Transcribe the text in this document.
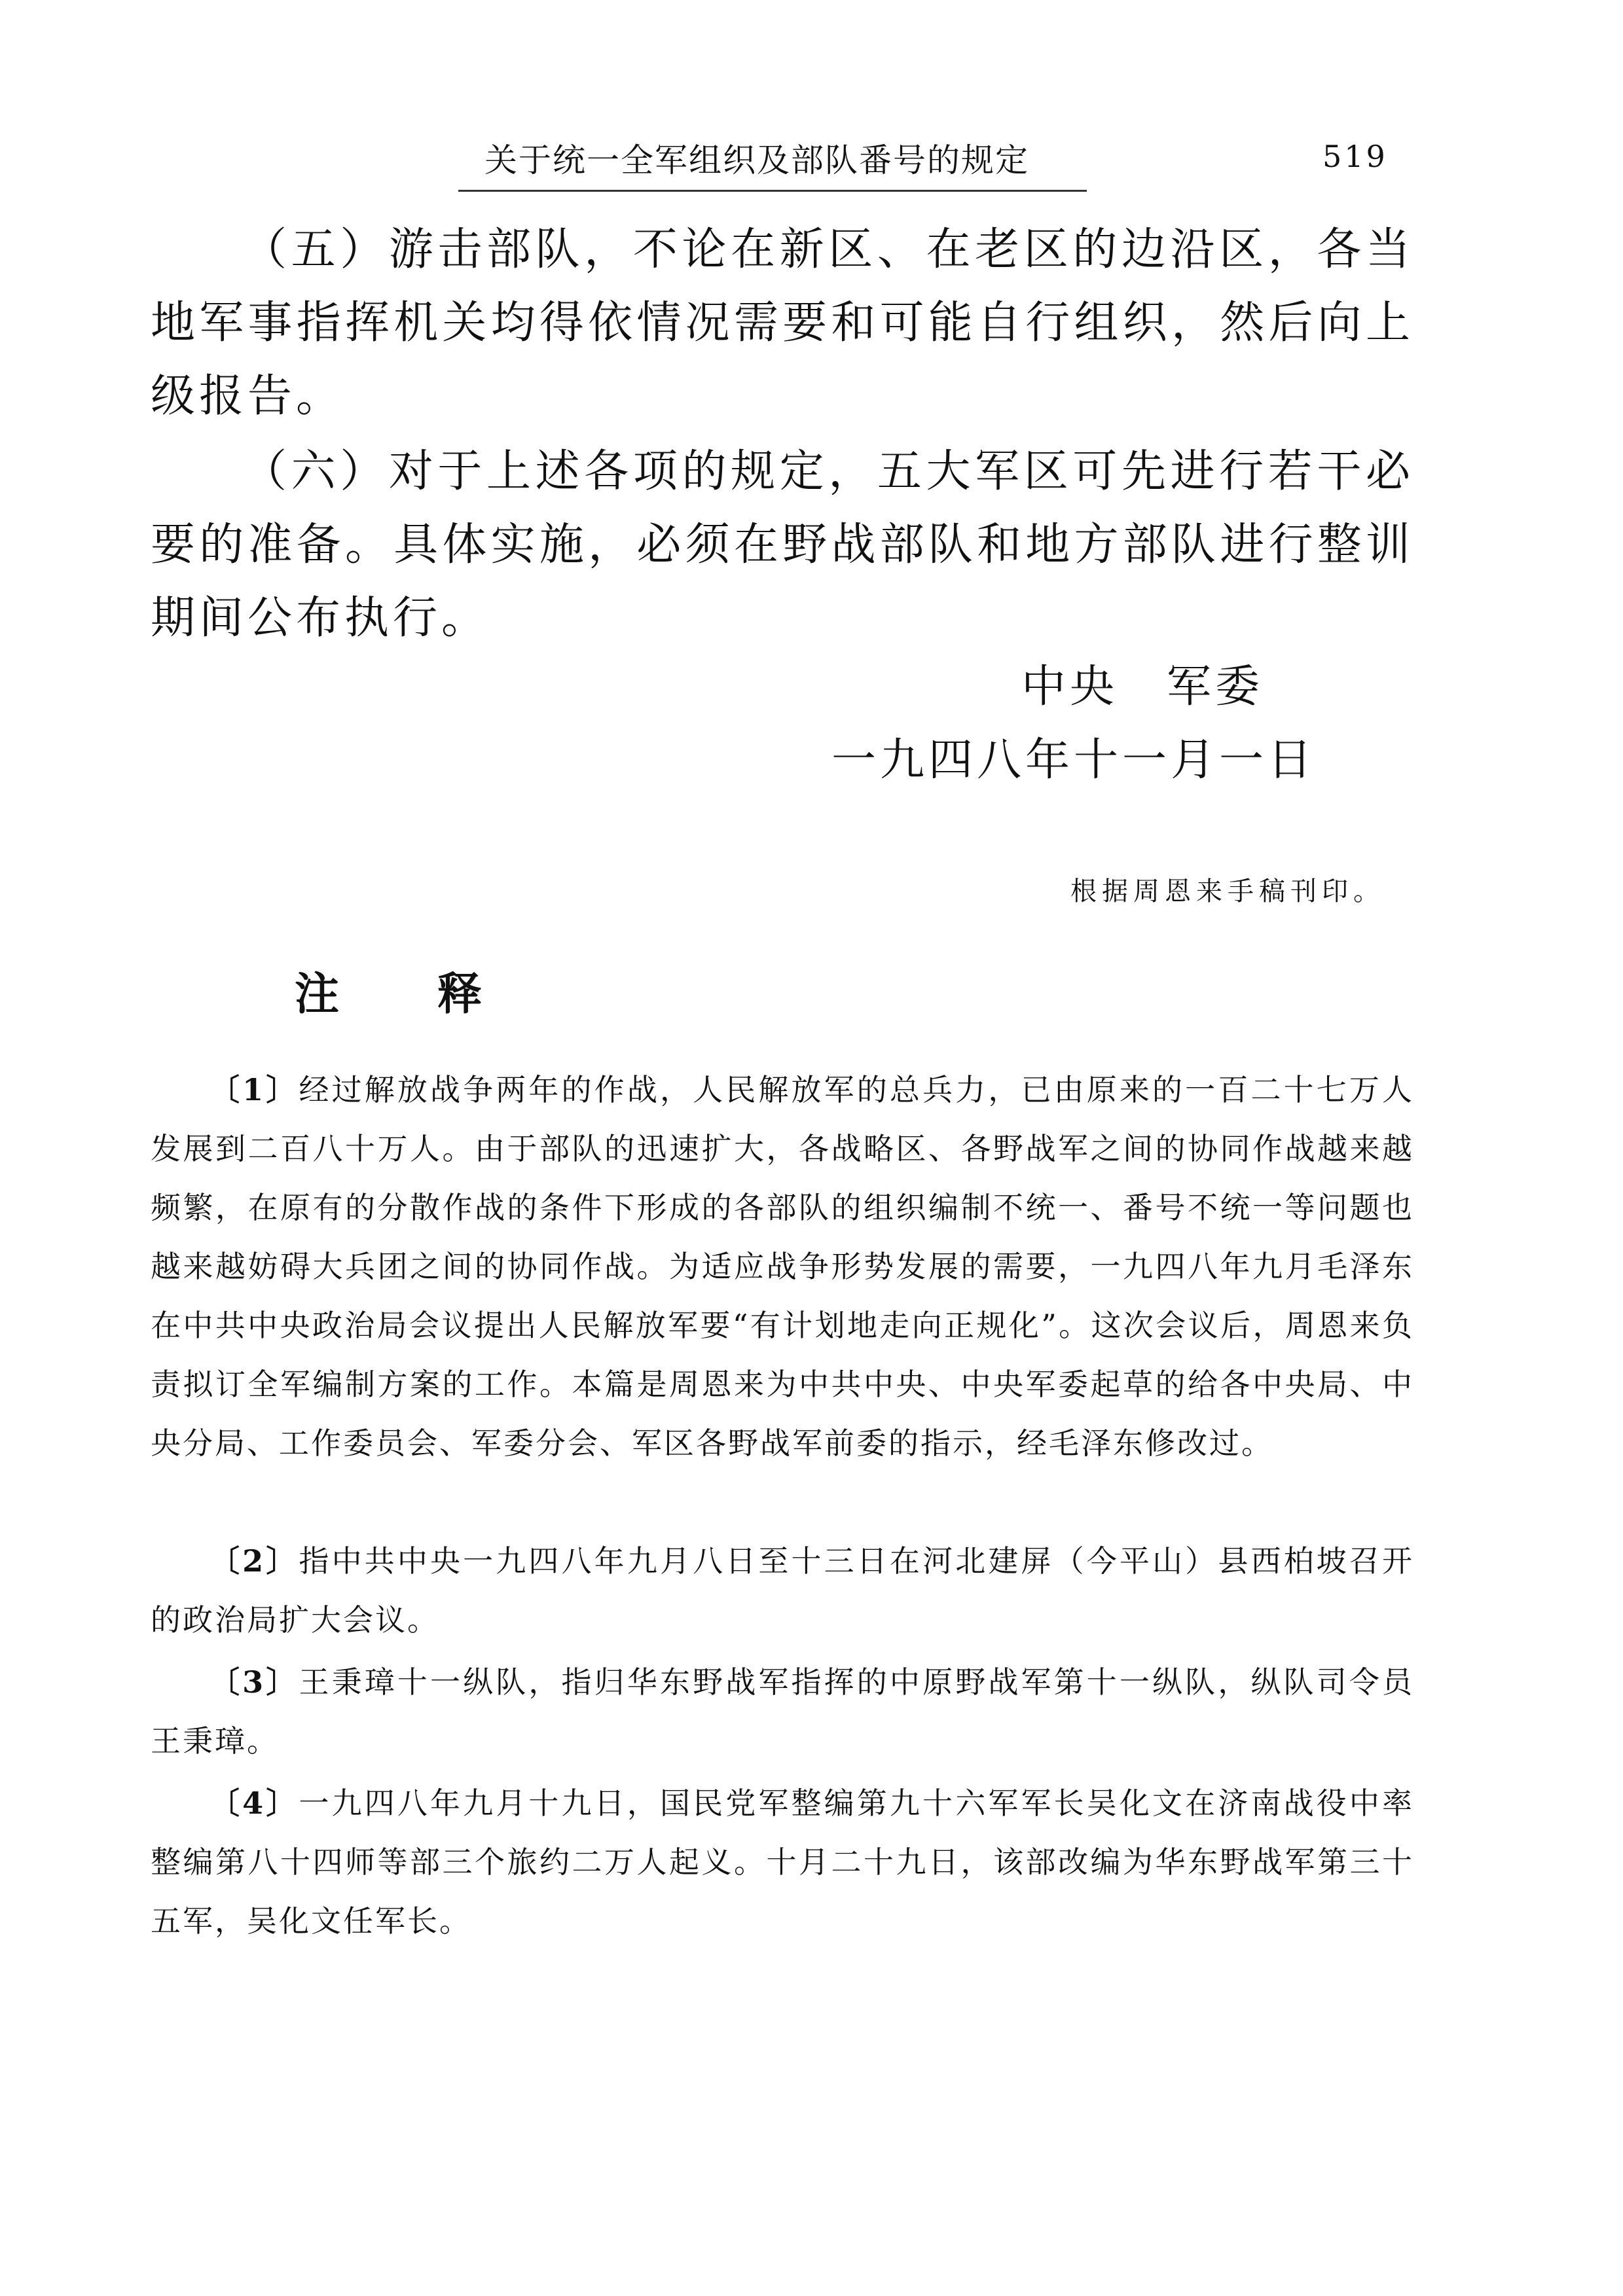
关于统一全军组织及部队番号的规定	519

（五）游击部队，不论在新区、在老区的边沿区，各当地军事指挥机关均得依情况需要和可能自行组织，然后向上级报告。

（六）对于上述各项的规定，五大军区可先进行若干必要的准备。具体实施，必须在野战部队和地方部队进行整训期间公布执行。

中央　军委
一九四八年十一月一日
根据周恩来手稿刊印。
注释

〔1〕经过解放战争两年的作战，人民解放军的总兵力，已由原来的一百二十七万人发展到二百八十万人。由于部队的迅速扩大，各战略区、各野战军之间的协同作战越来越频繁，在原有的分散作战的条件下形成的各部队的组织编制不统一、番号不统一等问题也越来越妨碍大兵团之间的协同作战。为适应战争形势发展的需要，一九四八年九月毛泽东在中共中央政治局会议提出人民解放军要“有计划地走向正规化”。这次会议后，周恩来负责拟订全军编制方案的工作。本篇是周恩来为中共中央、中央军委起草的给各中央局、中央分局、工作委员会、军委分会、军区各野战军前委的指示，经毛泽东修改过。

〔2〕指中共中央一九四八年九月八日至十三日在河北建屏（今平山）县西柏坡召开的政治局扩大会议。

〔3〕王秉璋十一纵队，指归华东野战军指挥的中原野战军第十一纵队，纵队司令员王秉璋。

〔4〕一九四八年九月十九日，国民党军整编第九十六军军长吴化文在济南战役中率整编第八十四师等部三个旅约二万人起义。十月二十九日，该部改编为华东野战军第三十五军，吴化文任军长。
